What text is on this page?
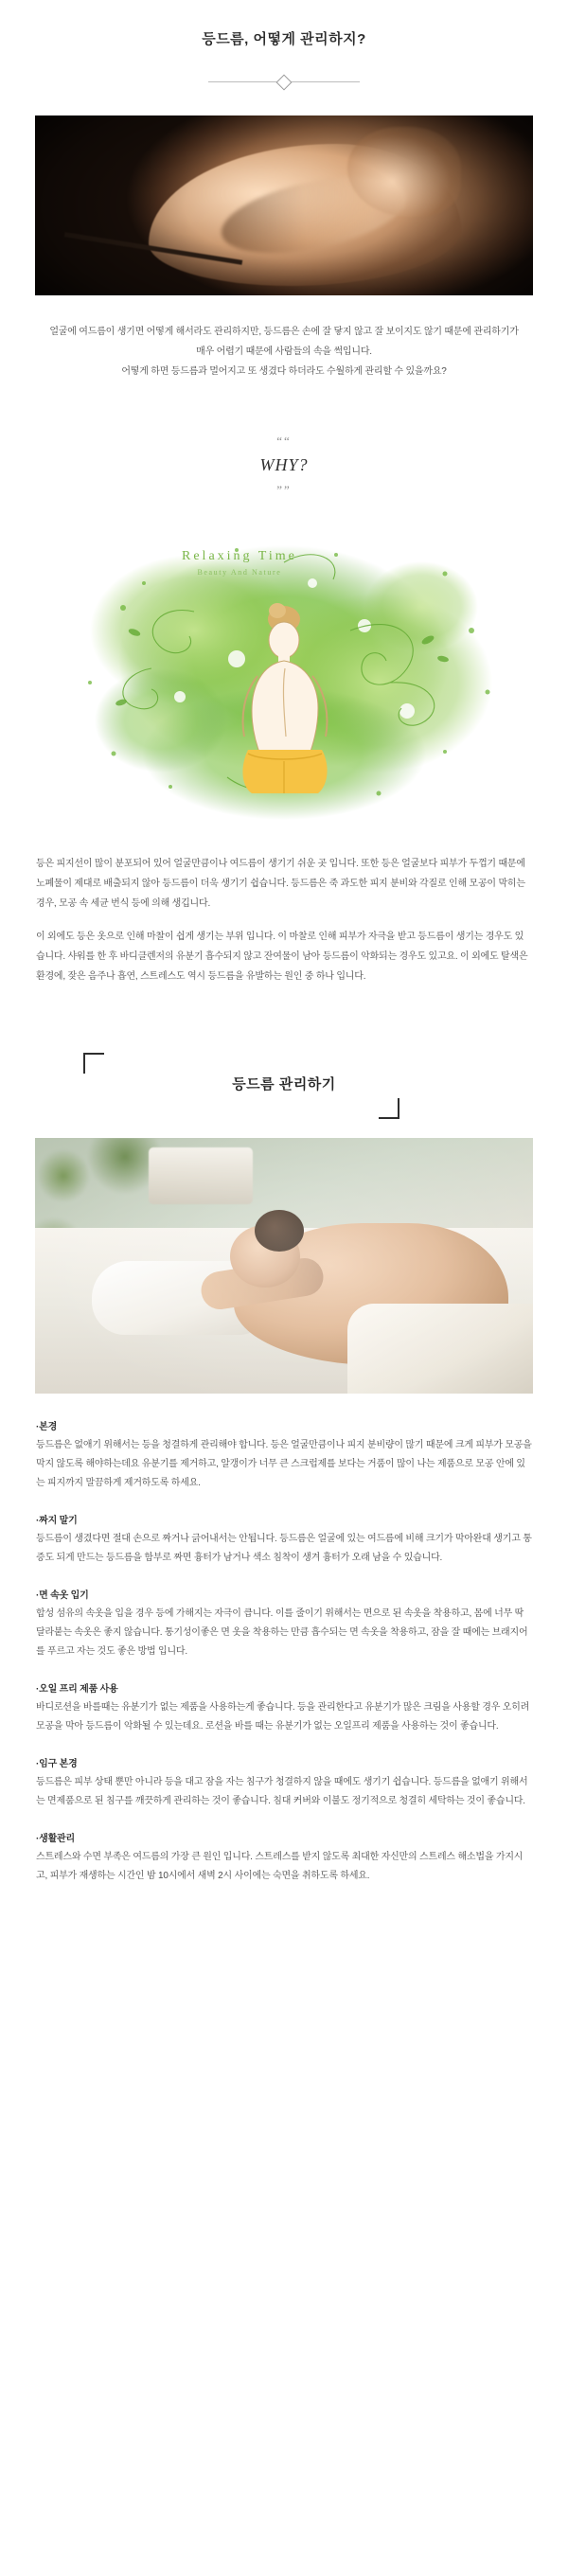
등드름, 어떻게 관리하지?

얼굴에 여드름이 생기면 어떻게 해서라도 관리하지만, 등드름은 손에 잘 닿지 않고 잘 보이지도 않기 때문에 관리하기가 매우 어렵기 때문에 사람들의 속을 썩입니다.

어떻게 하면 등드름과 멀어지고 또 생겼다 하더라도 수월하게 관리할 수 있을까요?

““
WHY?
””
Relaxing Time
Beauty And Nature

등은 피지선이 많이 분포되어 있어 얼굴만큼이나 여드름이 생기기 쉬운 곳 입니다. 또한 등은 얼굴보다 피부가 두껍기 때문에 노폐물이 제대로 배출되지 않아 등드름이 더욱 생기기 쉽습니다. 등드름은 죽 과도한 피지 분비와 각질로 인해 모공이 막히는 경우, 모공 속 세균 번식 등에 의해 생깁니다.

이 외에도 등은 옷으로 인해 마찰이 쉽게 생기는 부위 입니다. 이 마찰로 인해 피부가 자극을 받고 등드름이 생기는 경우도 있습니다. 샤워를 한 후 바디클렌저의 유분기 흡수되지 않고 잔여물이 남아 등드름이 악화되는 경우도 있고요. 이 외에도 탈색은 환경에, 잦은 음주나 흡연, 스트레스도 역시 등드름을 유발하는 원인 중 하나 입니다.

등드름 관리하기

·본경

등드름은 없애기 위해서는 등을 청결하게 관리해야 합니다. 등은 얼굴만큼이나 피지 분비량이 많기 때문에 크게 피부가 모공을 막지 않도록 해야하는데요 유분기를 제거하고, 알갱이가 너무 큰 스크럽제를 보다는 거품이 많이 나는 제품으로 모공 안에 있는 피지까지 말끔하게 제거하도록 하세요.

·짜지 말기

등드름이 생겼다면 절대 손으로 짜거나 긁어내서는 안됩니다. 등드름은 얼굴에 있는 여드름에 비해 크기가 막아완대 생기고 통증도 되게 만드는 등드름을 함부로 짜면 흉터가 남거나 색소 침착이 생겨 흉터가 오래 남을 수 있습니다.

·면 속옷 입기

합성 섬유의 속옷을 입을 경우 등에 가해지는 자극이 큽니다. 이를 줄이기 위해서는 면으로 된 속옷을 착용하고, 몸에 너무 딱 달라붙는 속옷은 좋지 않습니다. 통기성이좋은 면 옷을 착용하는 만큼 흡수되는 면 속옷을 착용하고, 잠을 잘 때에는 브래지어를 푸르고 자는 것도 좋은 방법 입니다.

·오일 프리 제품 사용

바디로션을 바를때는 유분기가 없는 제품을 사용하는게 좋습니다. 등을 관리한다고 유분기가 많은 크림을 사용할 경우 오히려 모공을 막아 등드름이 악화될 수 있는데요. 로션을 바를 때는 유분기가 없는 오일프리 제품을 사용하는 것이 좋습니다.

·임구 본경

등드름은 피부 상태 뿐만 아니라 등을 대고 잠을 자는 침구가 청결하지 않을 때에도 생기기 쉽습니다. 등드름을 없애기 위해서는 면제품으로 된 침구를 깨끗하게 관리하는 것이 좋습니다. 침대 커버와 이불도 정기적으로 청결히 세탁하는 것이 좋습니다.

·생활관리

스트레스와 수면 부족은 여드름의 가장 큰 원인 입니다. 스트레스를 받지 않도록 최대한 자신만의 스트레스 해소법을 가지시고, 피부가 재생하는 시간인 밤 10시에서 새벽 2시 사이에는 숙면을 취하도록 하세요.
